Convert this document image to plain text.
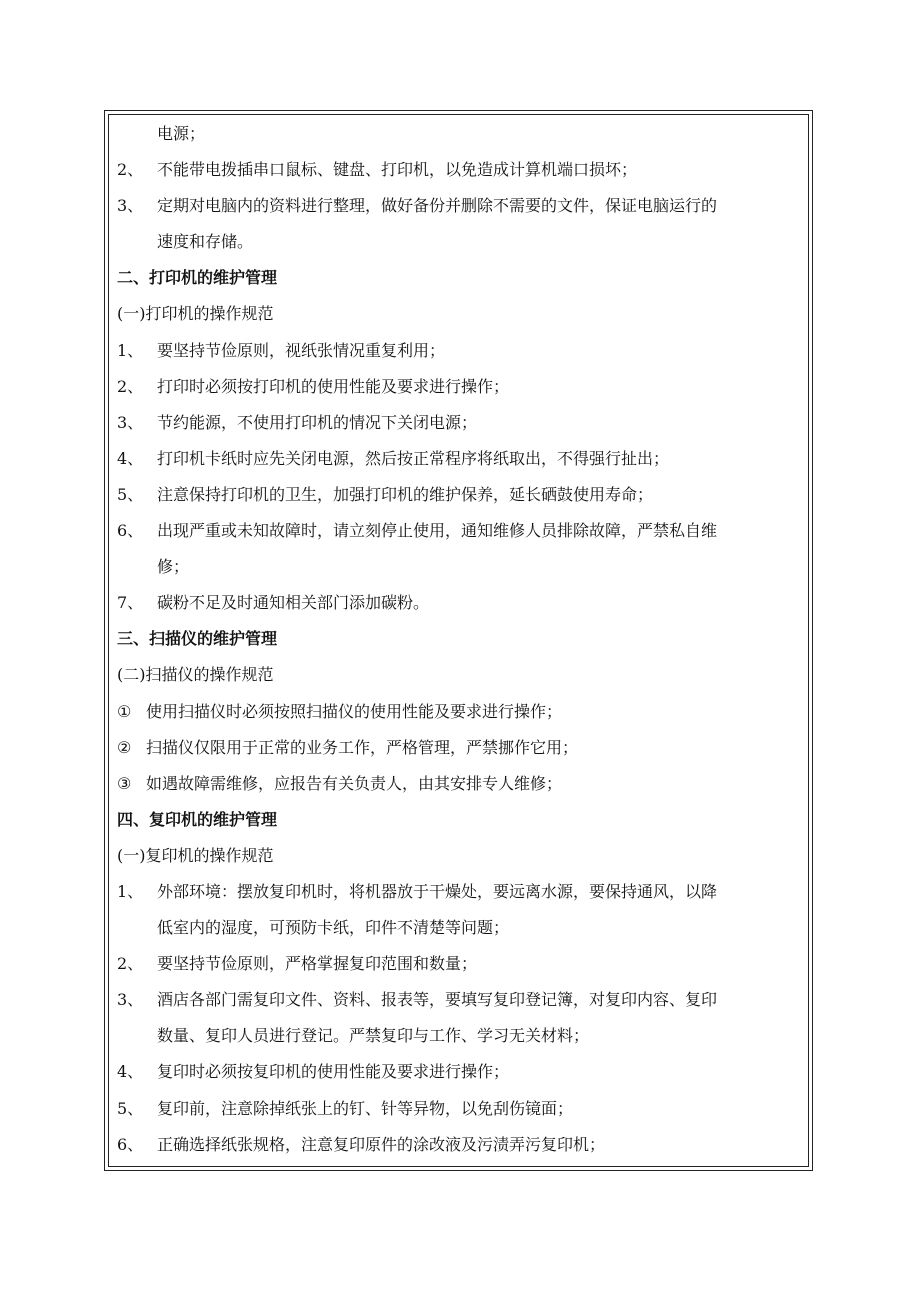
电源；
2、 不能带电拨插串口鼠标、键盘、打印机，以免造成计算机端口损坏；
3、 定期对电脑内的资料进行整理，做好备份并删除不需要的文件，保证电脑运行的
速度和存储。
二、打印机的维护管理
(一)打印机的操作规范
1、 要坚持节俭原则，视纸张情况重复利用；
2、 打印时必须按打印机的使用性能及要求进行操作；
3、 节约能源，不使用打印机的情况下关闭电源；
4、 打印机卡纸时应先关闭电源，然后按正常程序将纸取出，不得强行扯出；
5、 注意保持打印机的卫生，加强打印机的维护保养，延长硒鼓使用寿命；
6、 出现严重或未知故障时，请立刻停止使用，通知维修人员排除故障，严禁私自维
修；
7、 碳粉不足及时通知相关部门添加碳粉。
三、扫描仪的维护管理
(二)扫描仪的操作规范
① 使用扫描仪时必须按照扫描仪的使用性能及要求进行操作；
② 扫描仪仅限用于正常的业务工作，严格管理，严禁挪作它用；
③ 如遇故障需维修，应报告有关负责人，由其安排专人维修；
四、复印机的维护管理
(一)复印机的操作规范
1、 外部环境：摆放复印机时，将机器放于干燥处，要远离水源，要保持通风，以降
低室内的湿度，可预防卡纸，印件不清楚等问题；
2、 要坚持节俭原则，严格掌握复印范围和数量；
3、 酒店各部门需复印文件、资料、报表等，要填写复印登记簿，对复印内容、复印
数量、复印人员进行登记。严禁复印与工作、学习无关材料；
4、 复印时必须按复印机的使用性能及要求进行操作；
5、 复印前，注意除掉纸张上的钉、针等异物，以免刮伤镜面；
6、 正确选择纸张规格，注意复印原件的涂改液及污渍弄污复印机；
